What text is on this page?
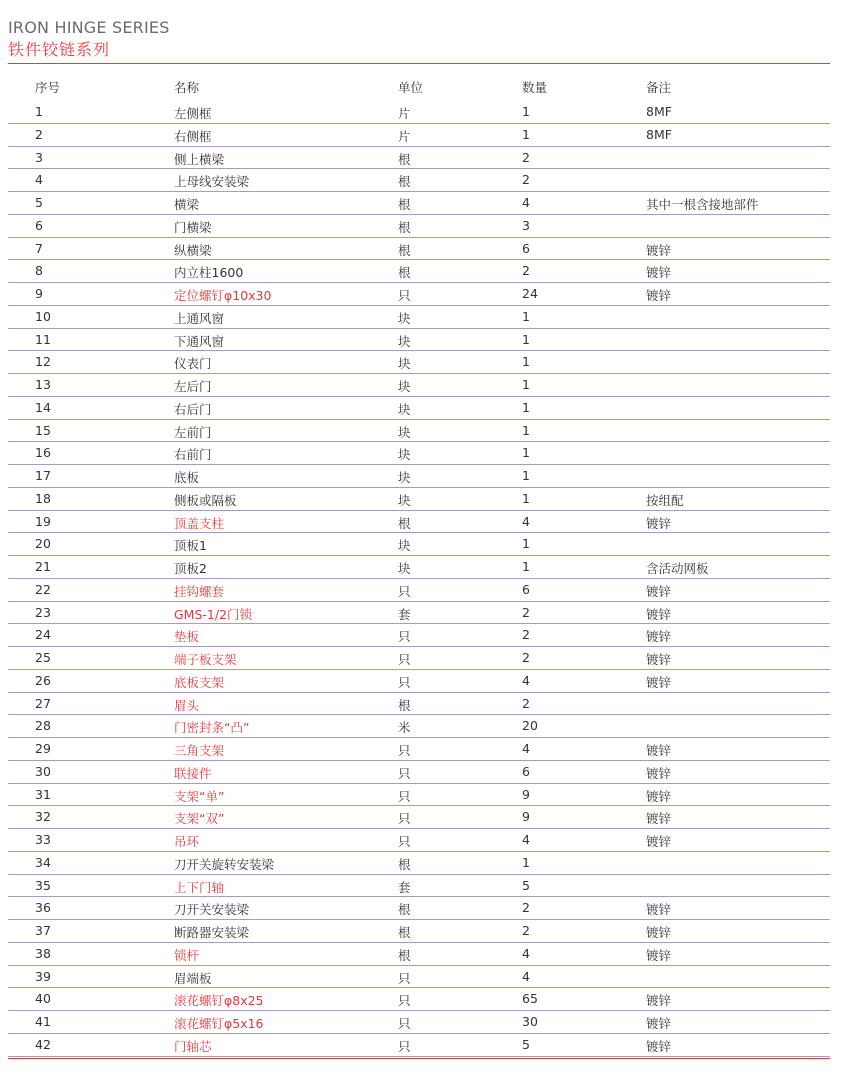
IRON HINGE SERIES
铁件铰链系列
序号	名称	单位	数量	备注
1	左侧框	片	1	8MF
2	右侧框	片	1	8MF
3	侧上横梁	根	2
4	上母线安装梁	根	2
5	横梁	根	4	其中一根含接地部件
6	门横梁	根	3
7	纵横梁	根	6	镀锌
8	内立柱1600	根	2	镀锌
9	定位螺钉φ10x30	只	24	镀锌
10	上通风窗	块	1
11	下通风窗	块	1
12	仪表门	块	1
13	左后门	块	1
14	右后门	块	1
15	左前门	块	1
16	右前门	块	1
17	底板	块	1
18	侧板或隔板	块	1	按组配
19	顶盖支柱	根	4	镀锌
20	顶板1	块	1
21	顶板2	块	1	含活动网板
22	挂钩螺套	只	6	镀锌
23	GMS-1/2门锁	套	2	镀锌
24	垫板	只	2	镀锌
25	端子板支架	只	2	镀锌
26	底板支架	只	4	镀锌
27	眉头	根	2
28	门密封条“凸”	米	20
29	三角支架	只	4	镀锌
30	联接件	只	6	镀锌
31	支架“单”	只	9	镀锌
32	支架“双”	只	9	镀锌
33	吊环	只	4	镀锌
34	刀开关旋转安装梁	根	1
35	上下门轴	套	5
36	刀开关安装梁	根	2	镀锌
37	断路器安装梁	根	2	镀锌
38	锁杆	根	4	镀锌
39	眉端板	只	4
40	滚花螺钉φ8x25	只	65	镀锌
41	滚花螺钉φ5x16	只	30	镀锌
42	门轴芯	只	5	镀锌
